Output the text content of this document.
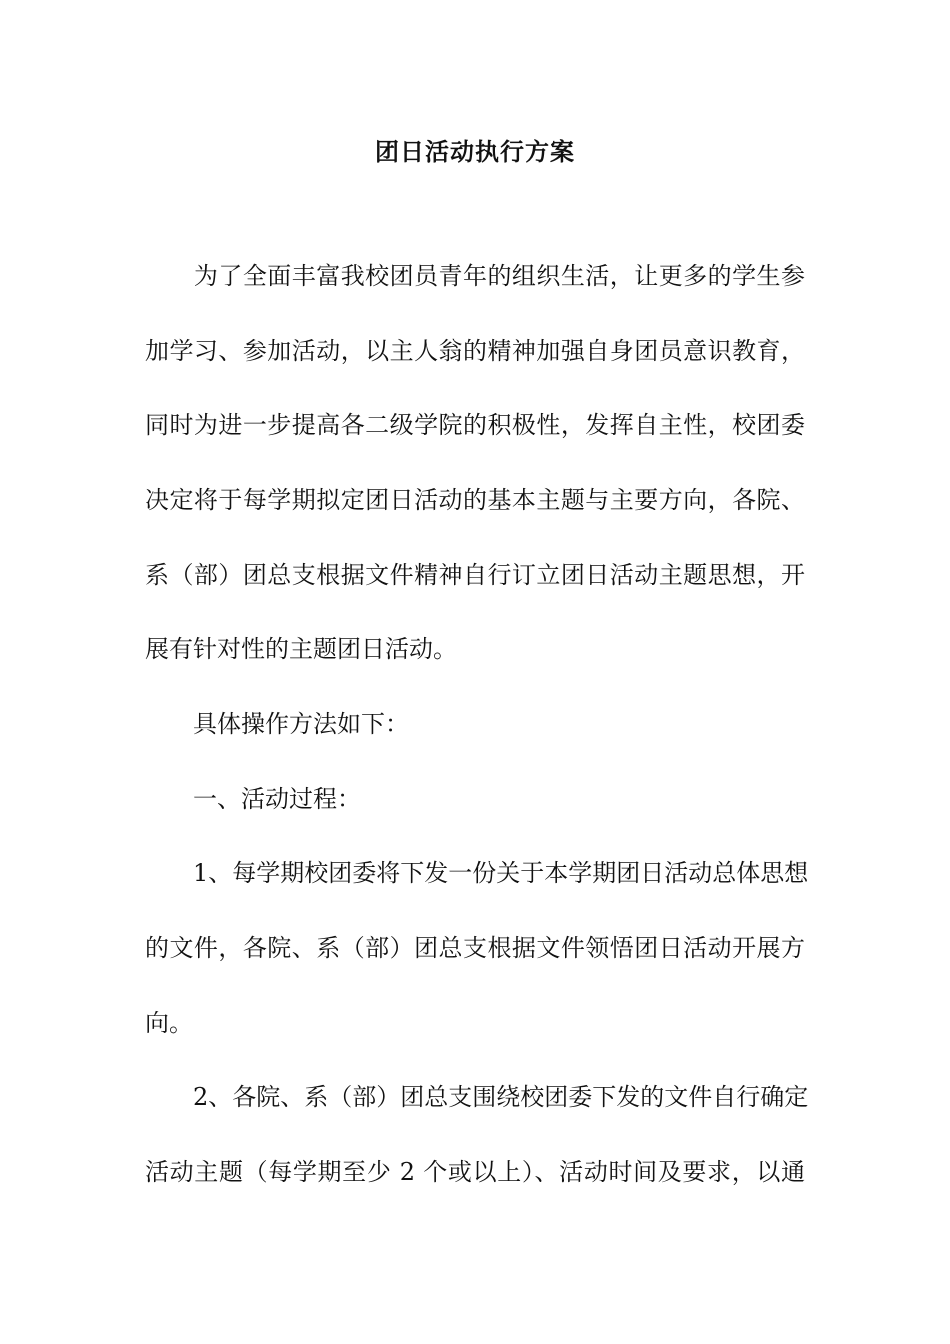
团日活动执行方案
　　为了全面丰富我校团员青年的组织生活，让更多的学生参
加学习、参加活动，以主人翁的精神加强自身团员意识教育，
同时为进一步提高各二级学院的积极性，发挥自主性，校团委
决定将于每学期拟定团日活动的基本主题与主要方向，各院、
系（部）团总支根据文件精神自行订立团日活动主题思想，开
展有针对性的主题团日活动。
　　具体操作方法如下：
　　一、活动过程：
　　1、每学期校团委将下发一份关于本学期团日活动总体思想
的文件，各院、系（部）团总支根据文件领悟团日活动开展方
向。
　　2、各院、系（部）团总支围绕校团委下发的文件自行确定
活动主题（每学期至少 2 个或以上）、活动时间及要求，以通
